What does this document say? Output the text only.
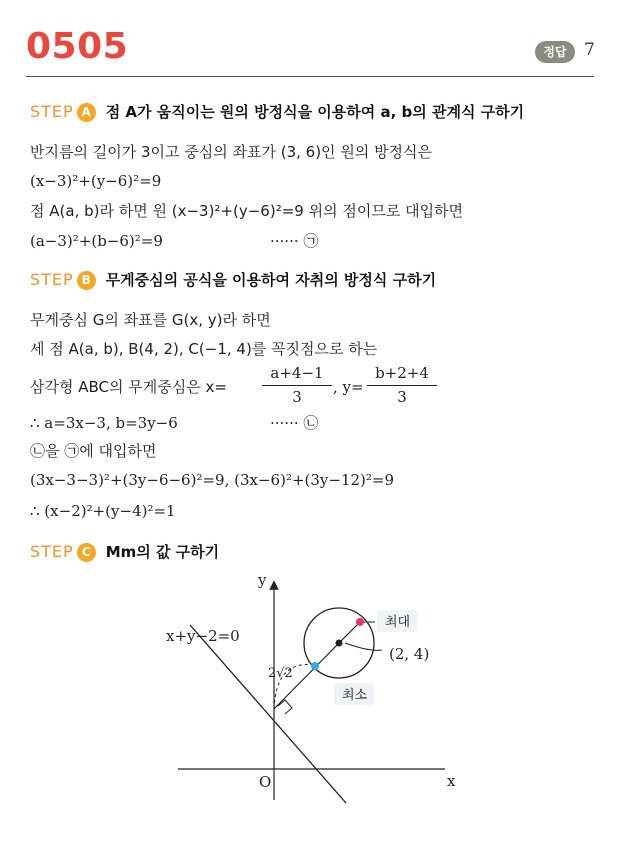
0505	정답	7
STEP A 점 A가 움직이는 원의 방정식을 이용하여 a, b의 관계식 구하기
반지름의 길이가 3이고 중심의 좌표가 (3, 6)인 원의 방정식은
(x−3)²+(y−6)²=9
점 A(a, b)라 하면 원 (x−3)²+(y−6)²=9 위의 점이므로 대입하면
(a−3)²+(b−6)²=9	······ ㉠
STEP B 무게중심의 공식을 이용하여 자취의 방정식 구하기
무게중심 G의 좌표를 G(x, y)라 하면
세 점 A(a, b), B(4, 2), C(−1, 4)를 꼭짓점으로 하는
삼각형 ABC의 무게중심은 x=
a+4−1
3
, y=
b+2+4
3
∴ a=3x−3, b=3y−6	······ ㉡
㉡을 ㉠에 대입하면
(3x−3−3)²+(3y−6−6)²=9, (3x−6)²+(3y−12)²=9
∴ (x−2)²+(y−4)²=1
STEP C Mm의 값 구하기
y
x
O
x+y−2=0
2√2
최대
(2, 4)
최소
